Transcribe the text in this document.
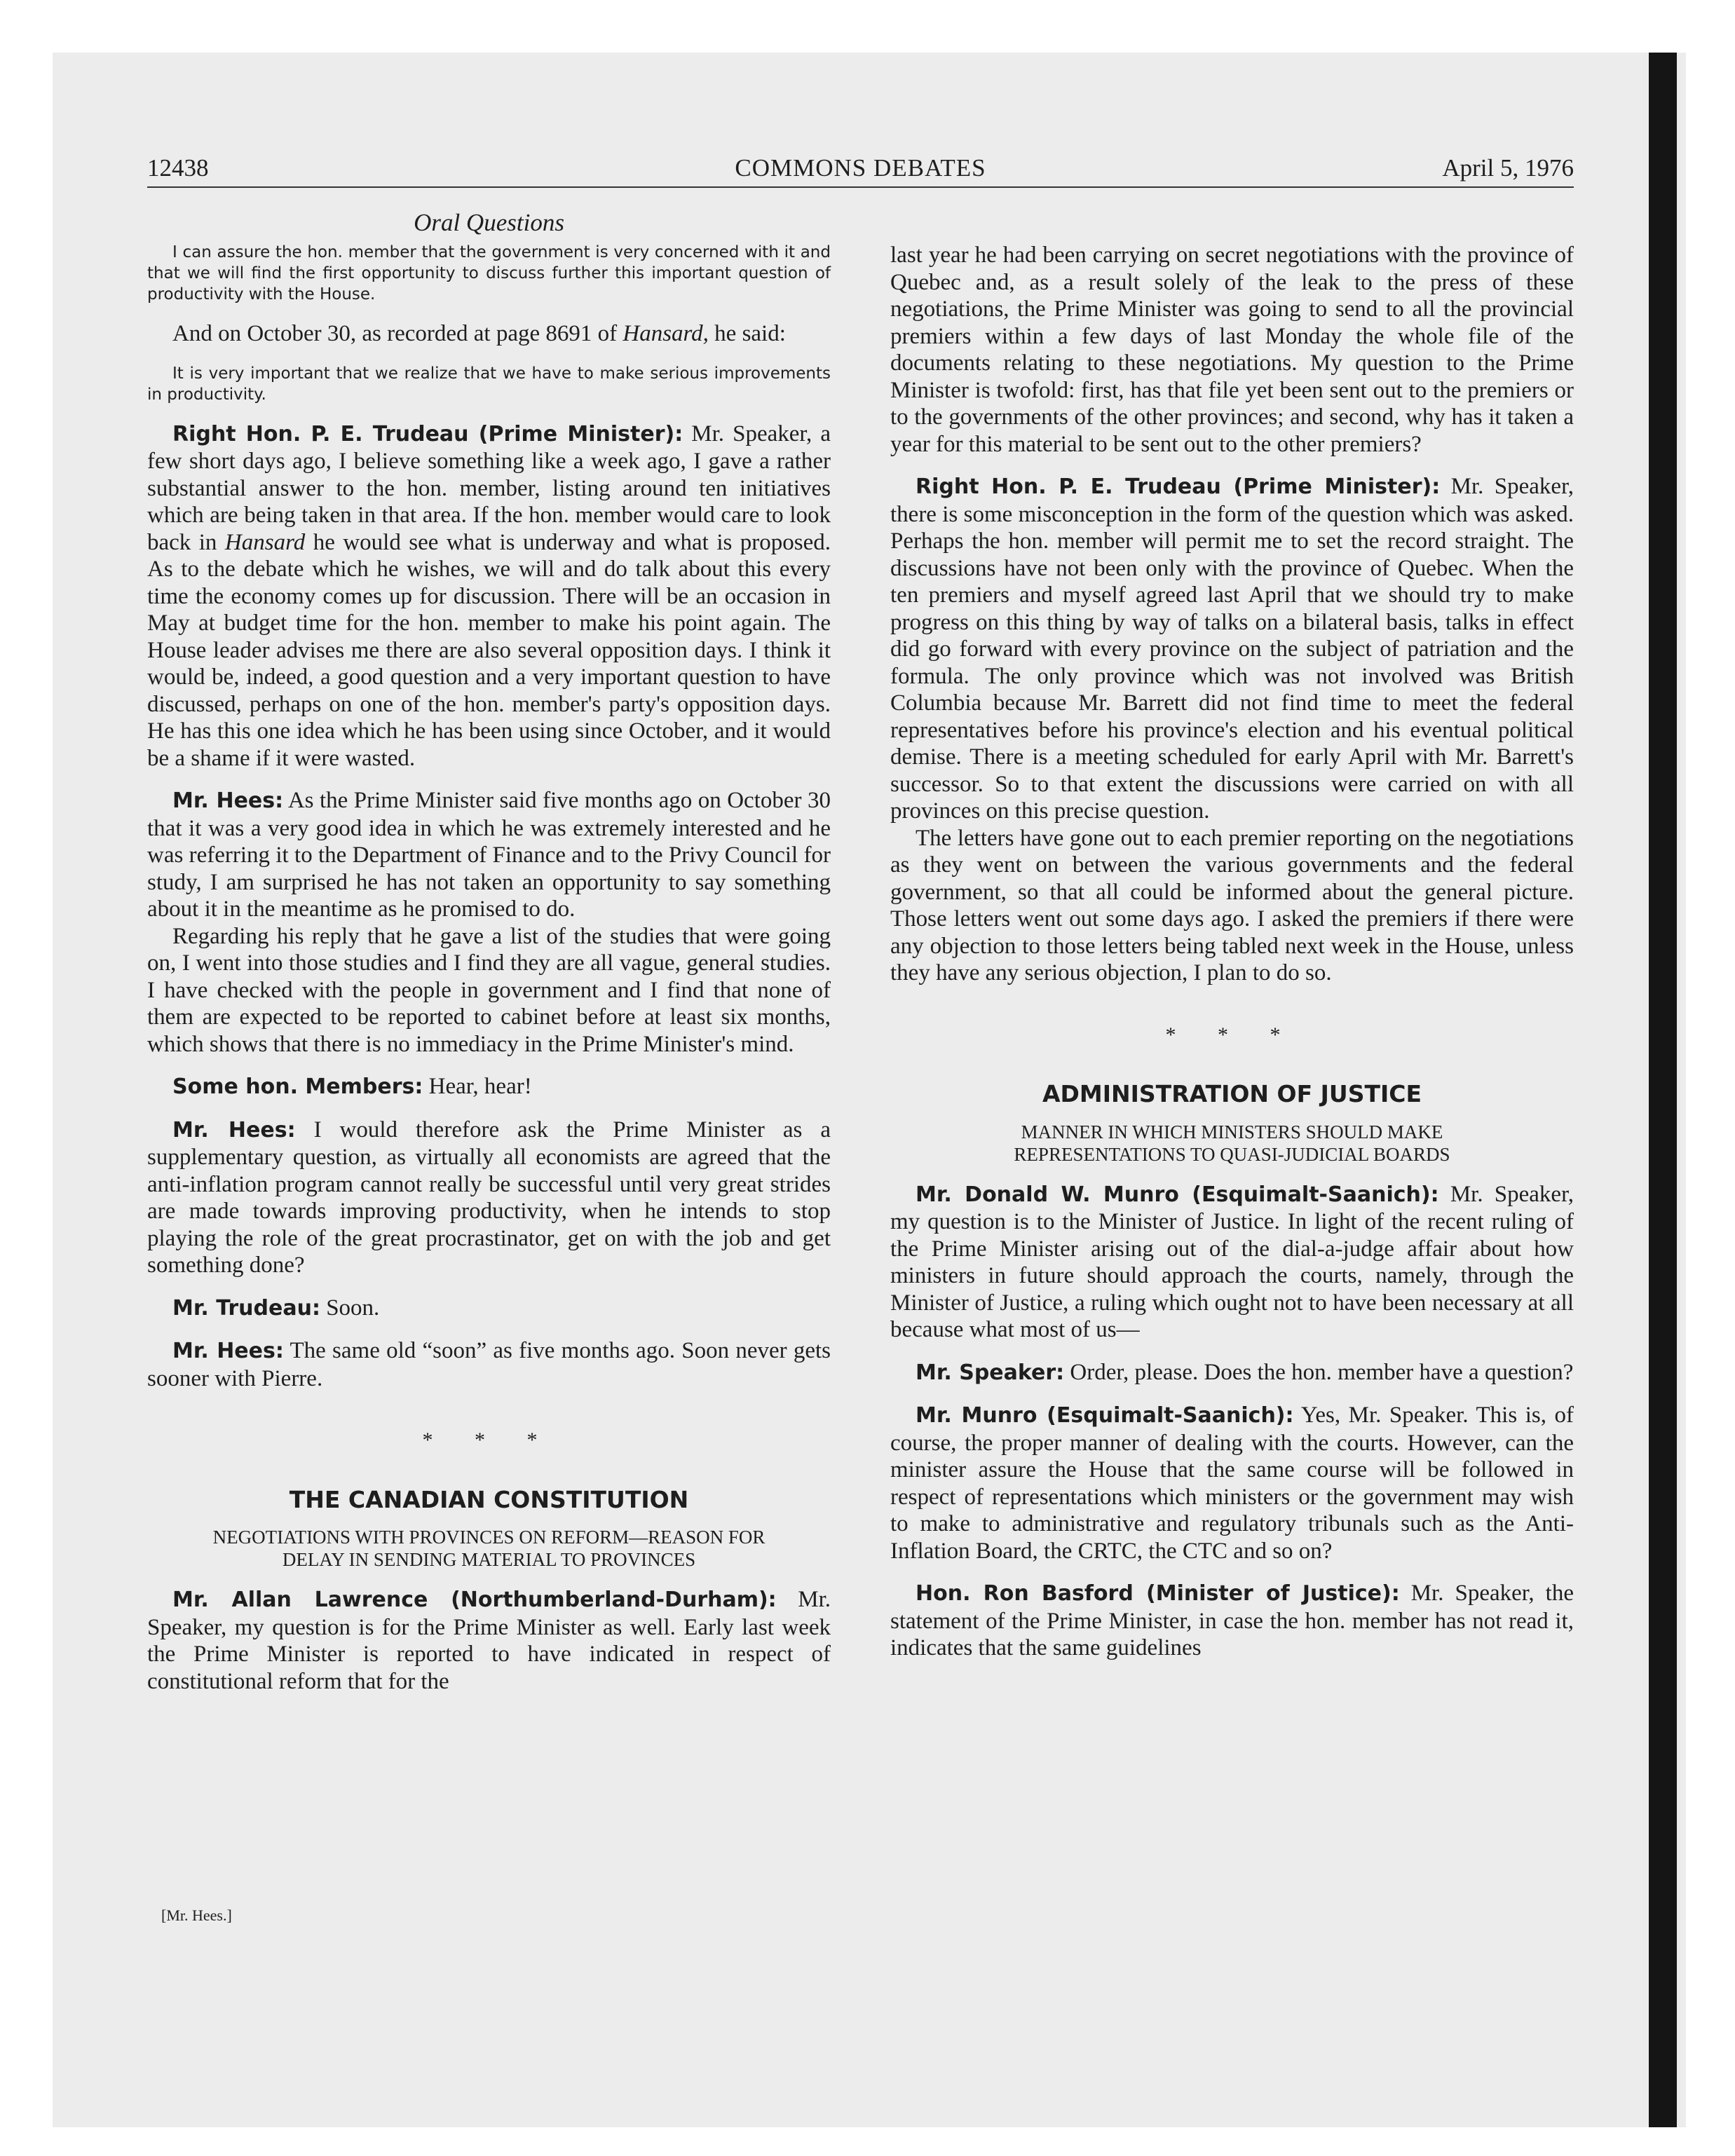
12438	COMMONS DEBATES	April 5, 1976
Oral Questions

I can assure the hon. member that the government is very concerned with it and that we will find the first opportunity to discuss further this important question of productivity with the House.

And on October 30, as recorded at page 8691 of Hansard, he said:

It is very important that we realize that we have to make serious improvements in productivity.

Right Hon. P. E. Trudeau (Prime Minister): Mr. Speaker, a few short days ago, I believe something like a week ago, I gave a rather substantial answer to the hon. member, listing around ten initiatives which are being taken in that area. If the hon. member would care to look back in Hansard he would see what is underway and what is proposed. As to the debate which he wishes, we will and do talk about this every time the economy comes up for discussion. There will be an occasion in May at budget time for the hon. member to make his point again. The House leader advises me there are also several opposition days. I think it would be, indeed, a good question and a very important question to have discussed, perhaps on one of the hon. member's party's opposition days. He has this one idea which he has been using since October, and it would be a shame if it were wasted.

Mr. Hees: As the Prime Minister said five months ago on October 30 that it was a very good idea in which he was extremely interested and he was referring it to the Department of Finance and to the Privy Council for study, I am surprised he has not taken an opportunity to say something about it in the meantime as he promised to do.

Regarding his reply that he gave a list of the studies that were going on, I went into those studies and I find they are all vague, general studies. I have checked with the people in government and I find that none of them are expected to be reported to cabinet before at least six months, which shows that there is no immediacy in the Prime Minister's mind.

Some hon. Members: Hear, hear!

Mr. Hees: I would therefore ask the Prime Minister as a supplementary question, as virtually all economists are agreed that the anti-inflation program cannot really be successful until very great strides are made towards improving productivity, when he intends to stop playing the role of the great procrastinator, get on with the job and get something done?

Mr. Trudeau: Soon.

Mr. Hees: The same old “soon” as five months ago. Soon never gets sooner with Pierre.

* * *
THE CANADIAN CONSTITUTION
NEGOTIATIONS WITH PROVINCES ON REFORM—REASON FOR
DELAY IN SENDING MATERIAL TO PROVINCES

Mr. Allan Lawrence (Northumberland-Durham): Mr. Speaker, my question is for the Prime Minister as well. Early last week the Prime Minister is reported to have indicated in respect of constitutional reform that for the

[Mr. Hees.]

last year he had been carrying on secret negotiations with the province of Quebec and, as a result solely of the leak to the press of these negotiations, the Prime Minister was going to send to all the provincial premiers within a few days of last Monday the whole file of the documents relating to these negotiations. My question to the Prime Minister is twofold: first, has that file yet been sent out to the premiers or to the governments of the other provinces; and second, why has it taken a year for this material to be sent out to the other premiers?

Right Hon. P. E. Trudeau (Prime Minister): Mr. Speaker, there is some misconception in the form of the question which was asked. Perhaps the hon. member will permit me to set the record straight. The discussions have not been only with the province of Quebec. When the ten premiers and myself agreed last April that we should try to make progress on this thing by way of talks on a bilateral basis, talks in effect did go forward with every province on the subject of patriation and the formula. The only province which was not involved was British Columbia because Mr. Barrett did not find time to meet the federal representatives before his province's election and his eventual political demise. There is a meeting scheduled for early April with Mr. Barrett's successor. So to that extent the discussions were carried on with all provinces on this precise question.

The letters have gone out to each premier reporting on the negotiations as they went on between the various governments and the federal government, so that all could be informed about the general picture. Those letters went out some days ago. I asked the premiers if there were any objection to those letters being tabled next week in the House, unless they have any serious objection, I plan to do so.

* * *
ADMINISTRATION OF JUSTICE
MANNER IN WHICH MINISTERS SHOULD MAKE
REPRESENTATIONS TO QUASI-JUDICIAL BOARDS

Mr. Donald W. Munro (Esquimalt-Saanich): Mr. Speaker, my question is to the Minister of Justice. In light of the recent ruling of the Prime Minister arising out of the dial-a-judge affair about how ministers in future should approach the courts, namely, through the Minister of Justice, a ruling which ought not to have been necessary at all because what most of us—

Mr. Speaker: Order, please. Does the hon. member have a question?

Mr. Munro (Esquimalt-Saanich): Yes, Mr. Speaker. This is, of course, the proper manner of dealing with the courts. However, can the minister assure the House that the same course will be followed in respect of representations which ministers or the government may wish to make to administrative and regulatory tribunals such as the Anti-Inflation Board, the CRTC, the CTC and so on?

Hon. Ron Basford (Minister of Justice): Mr. Speaker, the statement of the Prime Minister, in case the hon. member has not read it, indicates that the same guidelines
